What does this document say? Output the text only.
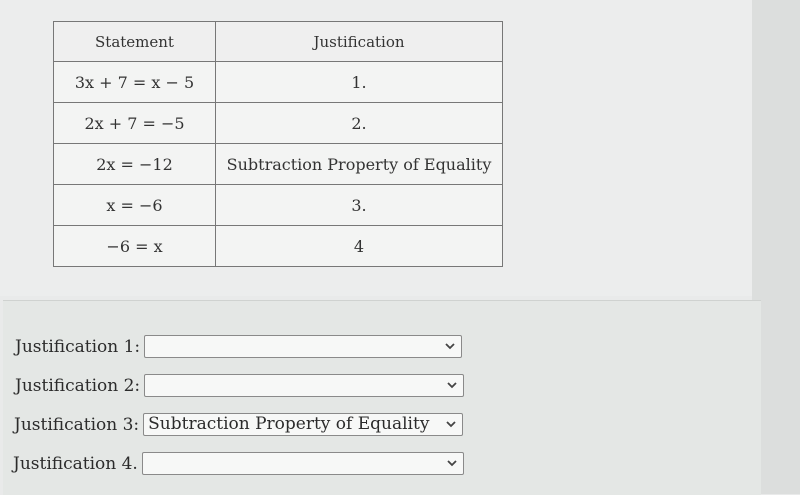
Statement	Justification
3x + 7 = x − 5	1.
2x + 7 = −5	2.
2x = −12	Subtraction Property of Equality
x = −6	3.
−6 = x	4
Justification 1:
Justification 2:
Justification 3: Subtraction Property of Equality
Justification 4.
